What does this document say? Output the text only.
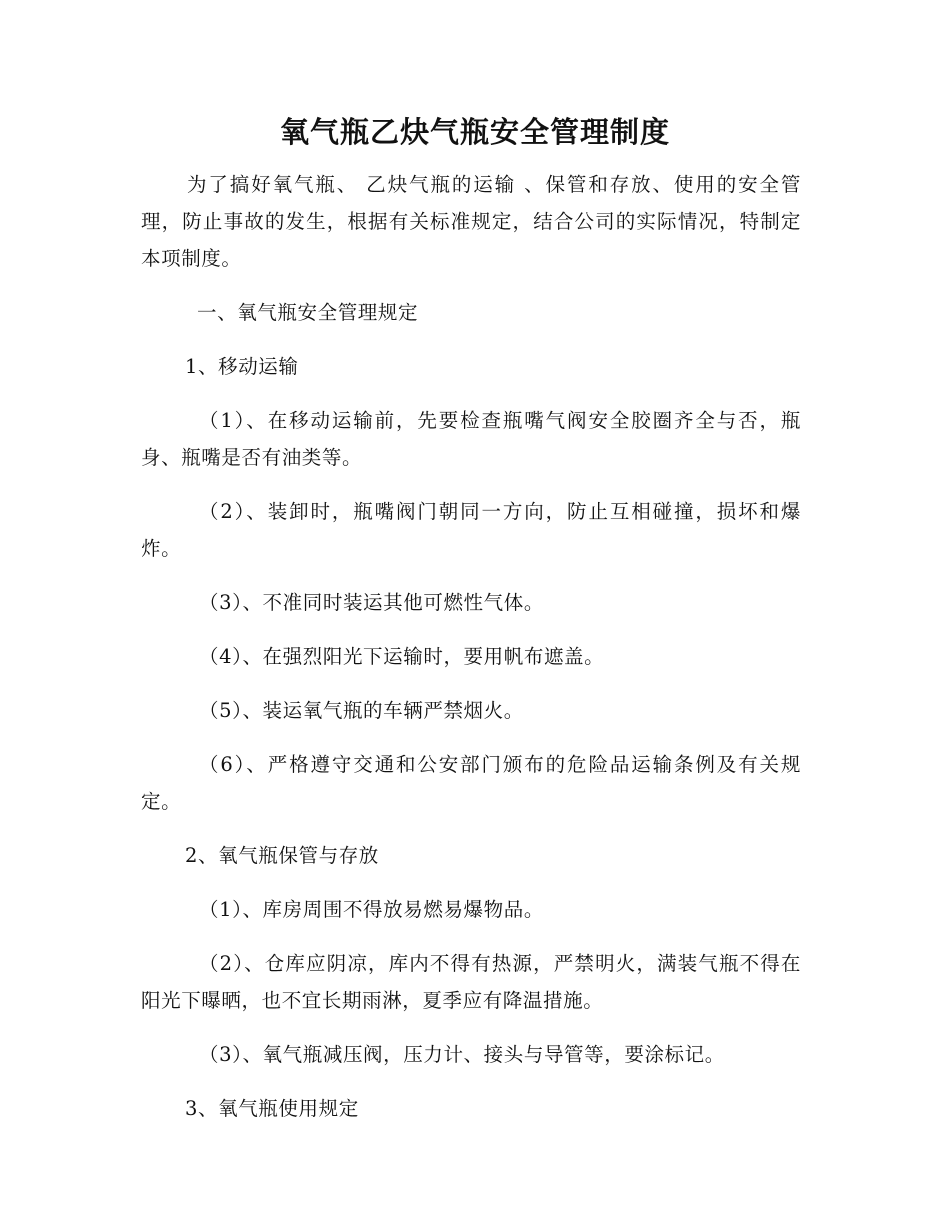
氧气瓶乙炔气瓶安全管理制度

为了搞好氧气瓶、 乙炔气瓶的运输 、保管和存放、使用的安全管理，防止事故的发生，根据有关标准规定，结合公司的实际情况，特制定本项制度。

一、氧气瓶安全管理规定

1、移动运输

（1）、在移动运输前，先要检查瓶嘴气阀安全胶圈齐全与否，瓶身、瓶嘴是否有油类等。

（2）、装卸时，瓶嘴阀门朝同一方向，防止互相碰撞，损坏和爆炸。

（3）、不准同时装运其他可燃性气体。

（4）、在强烈阳光下运输时，要用帆布遮盖。

（5）、装运氧气瓶的车辆严禁烟火。

（6）、严格遵守交通和公安部门颁布的危险品运输条例及有关规定。

2、氧气瓶保管与存放

（1）、库房周围不得放易燃易爆物品。

（2）、仓库应阴凉，库内不得有热源，严禁明火，满装气瓶不得在阳光下曝晒，也不宜长期雨淋，夏季应有降温措施。

（3）、氧气瓶减压阀，压力计、接头与导管等，要涂标记。

3、氧气瓶使用规定
